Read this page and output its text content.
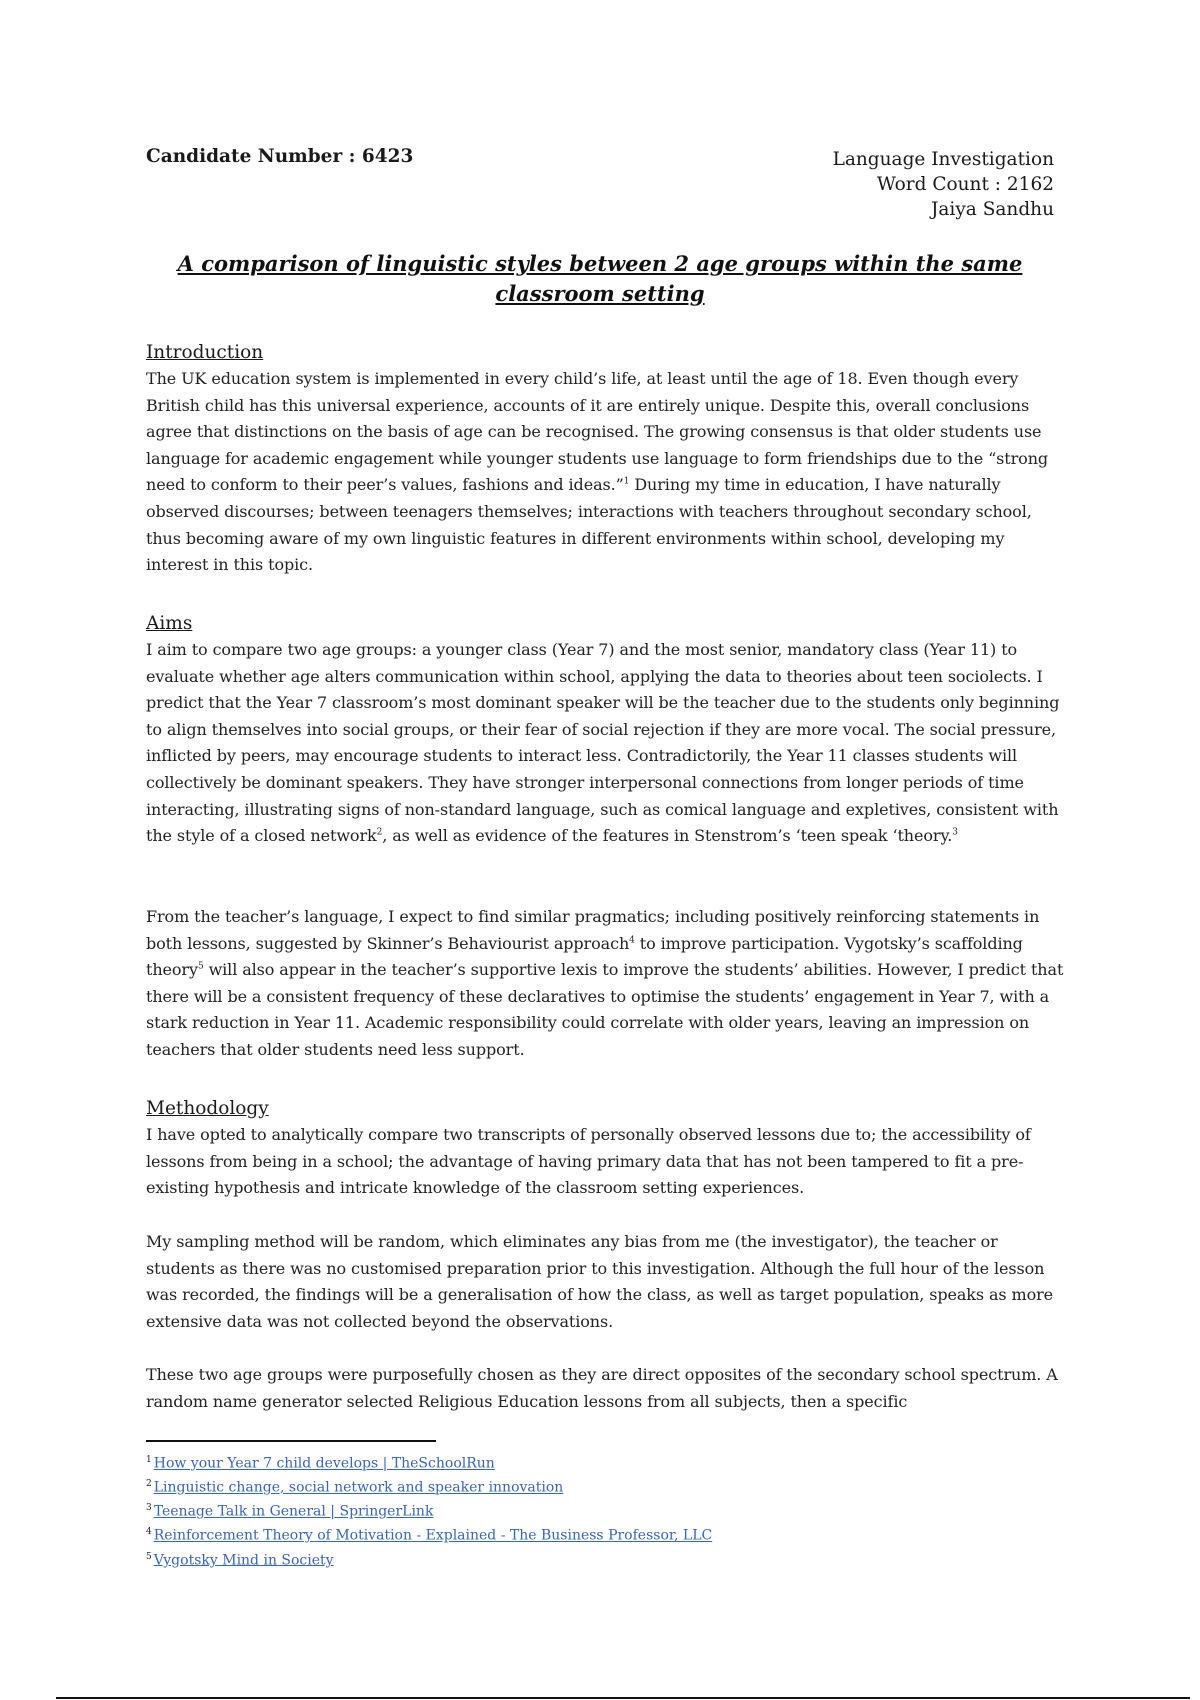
Candidate Number : 6423	Language Investigation
Word Count : 2162
Jaiya Sandhu
A comparison of linguistic styles between 2 age groups within the same classroom setting
Introduction

The UK education system is implemented in every child’s life, at least until the age of 18. Even though every British child has this universal experience, accounts of it are entirely unique. Despite this, overall conclusions agree that distinctions on the basis of age can be recognised. The growing consensus is that older students use language for academic engagement while younger students use language to form friendships due to the “strong need to conform to their peer’s values, fashions and ideas.”$^1$ During my time in education, I have naturally observed discourses; between teenagers themselves; interactions with teachers throughout secondary school, thus becoming aware of my own linguistic features in different environments within school, developing my interest in this topic.

Aims

I aim to compare two age groups: a younger class (Year 7) and the most senior, mandatory class (Year 11) to evaluate whether age alters communication within school, applying the data to theories about teen sociolects. I predict that the Year 7 classroom’s most dominant speaker will be the teacher due to the students only beginning to align themselves into social groups, or their fear of social rejection if they are more vocal. The social pressure, inflicted by peers, may encourage students to interact less. Contradictorily, the Year 11 classes students will collectively be dominant speakers. They have stronger interpersonal connections from longer periods of time interacting, illustrating signs of non-standard language, such as comical language and expletives, consistent with the style of a closed network$^2$, as well as evidence of the features in Stenstrom’s ‘teen speak ‘theory.$^3$

From the teacher’s language, I expect to find similar pragmatics; including positively reinforcing statements in both lessons, suggested by Skinner’s Behaviourist approach$^4$ to improve participation. Vygotsky’s scaffolding theory$^5$ will also appear in the teacher’s supportive lexis to improve the students’ abilities. However, I predict that there will be a consistent frequency of these declaratives to optimise the students’ engagement in Year 7, with a stark reduction in Year 11. Academic responsibility could correlate with older years, leaving an impression on teachers that older students need less support.

Methodology

I have opted to analytically compare two transcripts of personally observed lessons due to; the accessibility of lessons from being in a school; the advantage of having primary data that has not been tampered to fit a pre-existing hypothesis and intricate knowledge of the classroom setting experiences.

My sampling method will be random, which eliminates any bias from me (the investigator), the teacher or students as there was no customised preparation prior to this investigation. Although the full hour of the lesson was recorded, the findings will be a generalisation of how the class, as well as target population, speaks as more extensive data was not collected beyond the observations.

These two age groups were purposefully chosen as they are direct opposites of the secondary school spectrum. A random name generator selected Religious Education lessons from all subjects, then a specific

$^1$ How your Year 7 child develops | TheSchoolRun
$^2$ Linguistic change, social network and speaker innovation
$^3$ Teenage Talk in General | SpringerLink
$^4$ Reinforcement Theory of Motivation - Explained - The Business Professor, LLC
$^5$ Vygotsky Mind in Society
